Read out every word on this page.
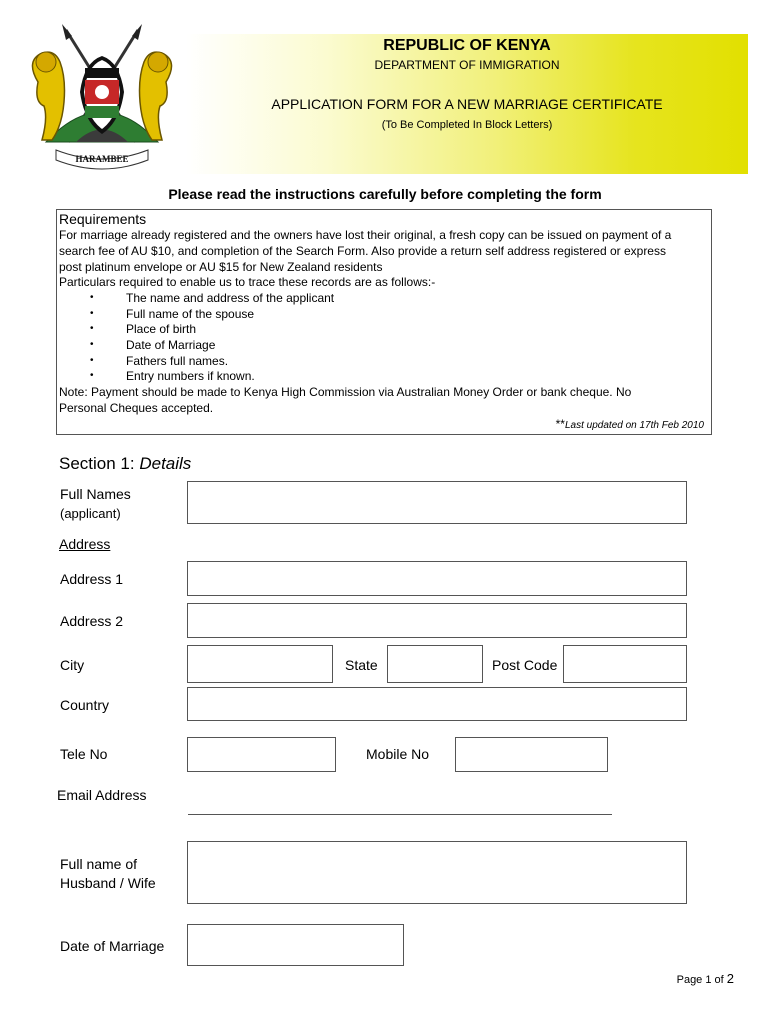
HARAMBEE
REPUBLIC OF KENYA
DEPARTMENT OF IMMIGRATION
APPLICATION FORM FOR A NEW MARRIAGE CERTIFICATE
(To Be Completed In Block Letters)
Please read the instructions carefully before completing the form
Requirements
For marriage already registered and the owners have lost their original, a fresh copy can be issued on payment of a
search fee of AU $10, and completion of the Search Form. Also provide a return self address registered or express
post platinum envelope or AU $15 for New Zealand residents
Particulars required to enable us to trace these records are as follows:-
•	The name and address of the applicant
•	Full name of the spouse
•	Place of birth
•	Date of Marriage
•	Fathers full names.
•	Entry numbers if known.
Note: Payment should be made to Kenya High Commission via Australian Money Order or bank cheque. No
Personal Cheques accepted.
**Last updated on 17th Feb 2010
Section 1: Details
Full Names
(applicant)
Address
Address 1
Address 2
City	State	Post Code
Country
Tele No	Mobile No
Email Address
Full name of
Husband / Wife
Date of Marriage
Page 1 of 2
